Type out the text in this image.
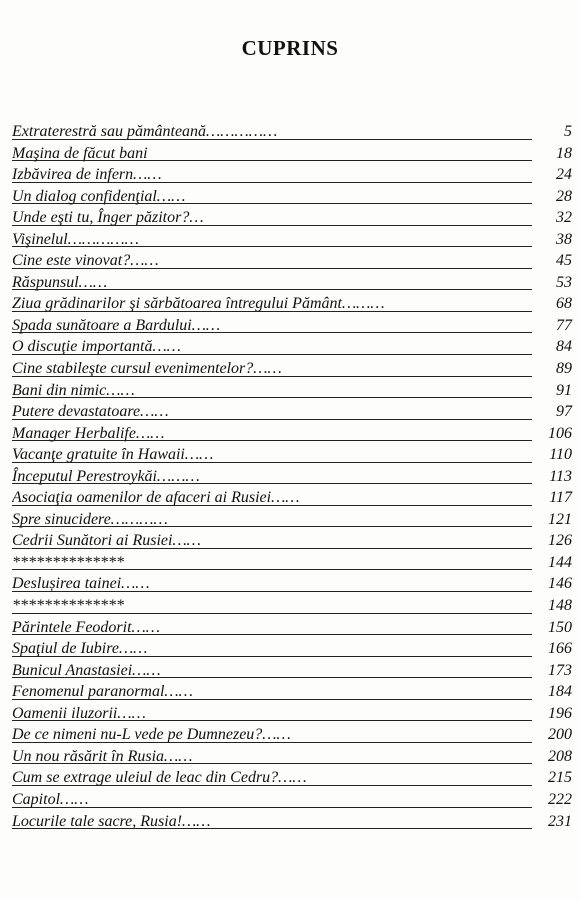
CUPRINS
Extraterestră sau pământeană……………	5
Maşina de făcut bani	18
Izbăvirea de infern……	24
Un dialog confidenţial……	28
Unde eşti tu, Înger păzitor?…	32
Vişinelul……………	38
Cine este vinovat?……	45
Răspunsul……	53
Ziua grădinarilor şi sărbătoarea întregului Pământ………	68
Spada sunătoare a Bardului……	77
O discuţie importantă……	84
Cine stabileşte cursul evenimentelor?……	89
Bani din nimic……	91
Putere devastatoare……	97
Manager Herbalife……	106
Vacanţe gratuite în Hawaii……	110
Începutul Perestroykăi………	113
Asociaţia oamenilor de afaceri ai Rusiei……	117
Spre sinucidere…………	121
Cedrii Sunători ai Rusiei……	126
**************	144
Deslușirea tainei……	146
**************	148
Părintele Feodorit……	150
Spaţiul de Iubire……	166
Bunicul Anastasiei……	173
Fenomenul paranormal……	184
Oamenii iluzorii……	196
De ce nimeni nu-L vede pe Dumnezeu?……	200
Un nou răsărit în Rusia……	208
Cum se extrage uleiul de leac din Cedru?……	215
Capitol……	222
Locurile tale sacre, Rusia!……	231
